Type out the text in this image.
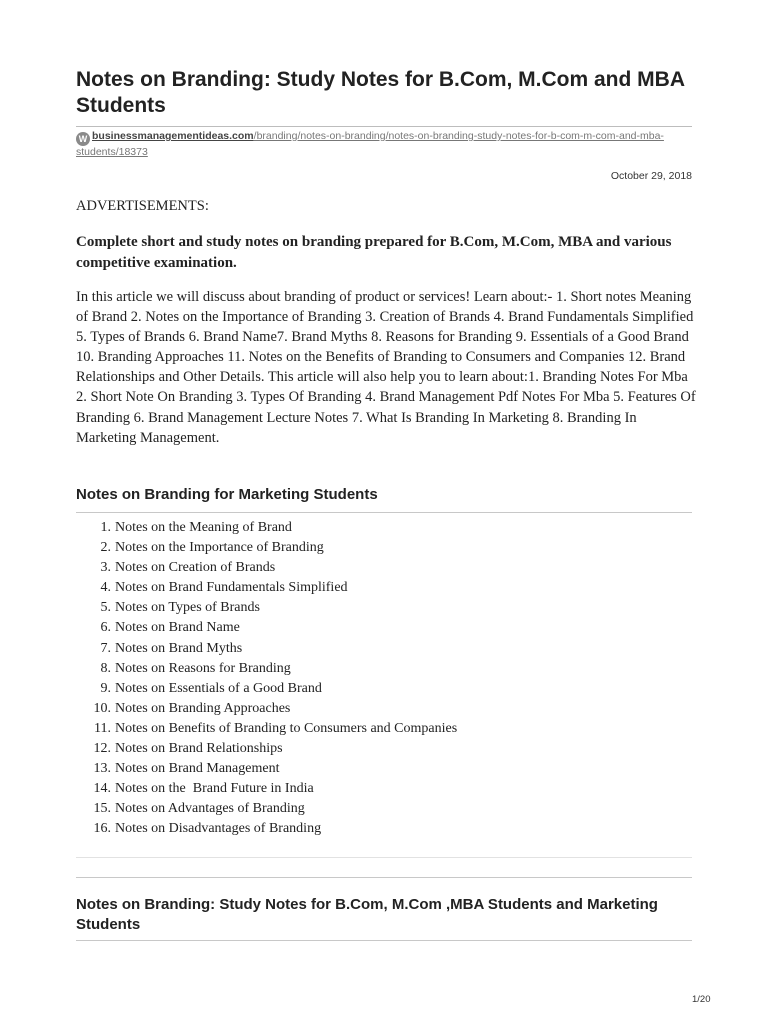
Notes on Branding: Study Notes for B.Com, M.Com and MBA Students
W businessmanagementideas.com/branding/notes-on-branding/notes-on-branding-study-notes-for-b-com-m-com-and-mba-students/18373
October 29, 2018
ADVERTISEMENTS:

Complete short and study notes on branding prepared for B.Com, M.Com, MBA and various competitive examination.

In this article we will discuss about branding of product or services! Learn about:- 1. Short notes Meaning of Brand 2. Notes on the Importance of Branding 3. Creation of Brands 4. Brand Fundamentals Simplified 5. Types of Brands 6. Brand Name7. Brand Myths 8. Reasons for Branding 9. Essentials of a Good Brand 10. Branding Approaches 11. Notes on the Benefits of Branding to Consumers and Companies 12. Brand Relationships and Other Details. This article will also help you to learn about:1. Branding Notes For Mba 2. Short Note On Branding 3. Types Of Branding 4. Brand Management Pdf Notes For Mba 5. Features Of Branding 6. Brand Management Lecture Notes 7. What Is Branding In Marketing 8. Branding In Marketing Management.

Notes on Branding for Marketing Students
1. Notes on the Meaning of Brand
2. Notes on the Importance of Branding
3. Notes on Creation of Brands
4. Notes on Brand Fundamentals Simplified
5. Notes on Types of Brands
6. Notes on Brand Name
7. Notes on Brand Myths
8. Notes on Reasons for Branding
9. Notes on Essentials of a Good Brand
10. Notes on Branding Approaches
11. Notes on Benefits of Branding to Consumers and Companies
12. Notes on Brand Relationships
13. Notes on Brand Management
14. Notes on the  Brand Future in India
15. Notes on Advantages of Branding
16. Notes on Disadvantages of Branding
Notes on Branding: Study Notes for B.Com, M.Com ,MBA Students and Marketing Students
1/20
